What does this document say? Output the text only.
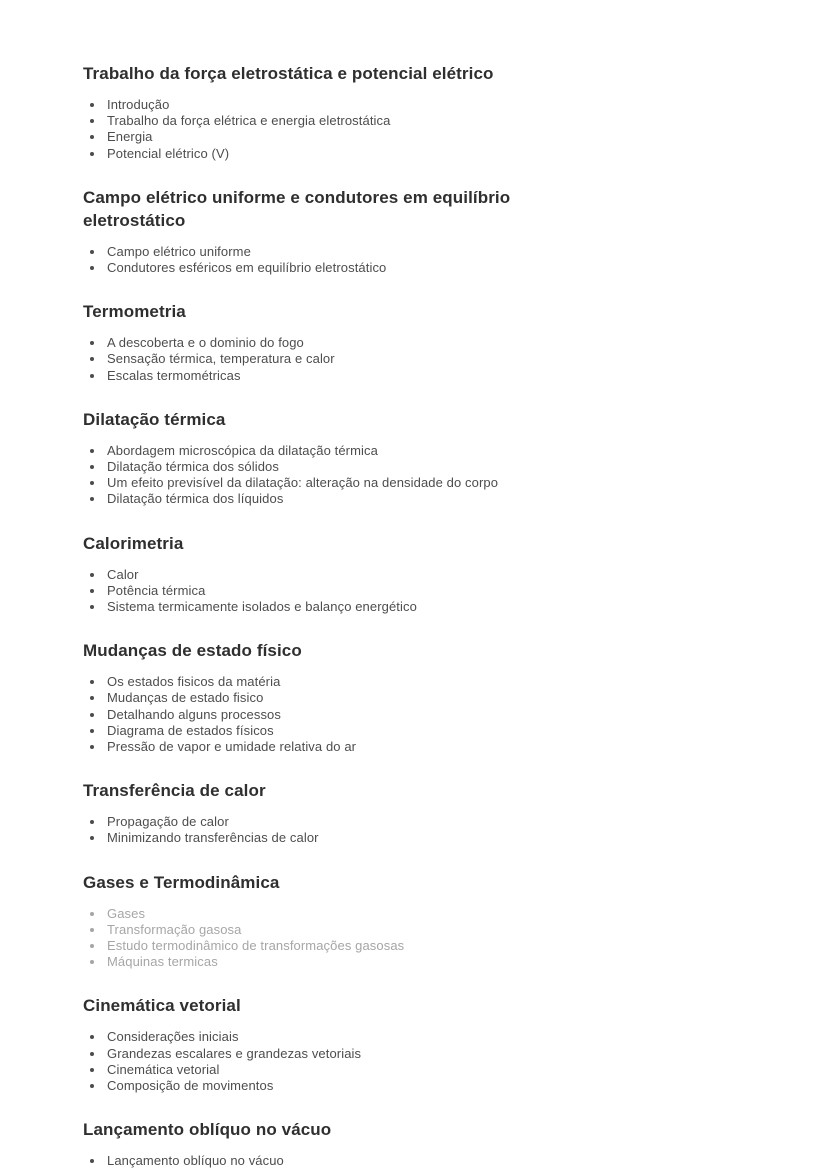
Trabalho da força eletrostática e potencial elétrico
• Introdução
• Trabalho da força elétrica e energia eletrostática
• Energia
• Potencial elétrico (V)
Campo elétrico uniforme e condutores em equilíbrio eletrostático
• Campo elétrico uniforme
• Condutores esféricos em equilíbrio eletrostático
Termometria
• A descoberta e o dominio do fogo
• Sensação térmica, temperatura e calor
• Escalas termométricas
Dilatação térmica
• Abordagem microscópica da dilatação térmica
• Dilatação térmica dos sólidos
• Um efeito previsível da dilatação: alteração na densidade do corpo
• Dilatação térmica dos líquidos
Calorimetria
• Calor
• Potência térmica
• Sistema termicamente isolados e balanço energético
Mudanças de estado físico
• Os estados fisicos da matéria
• Mudanças de estado fisico
• Detalhando alguns processos
• Diagrama de estados físicos
• Pressão de vapor e umidade relativa do ar
Transferência de calor
• Propagação de calor
• Minimizando transferências de calor
Gases e Termodinâmica
• Gases
• Transformação gasosa
• Estudo termodinâmico de transformações gasosas
• Máquinas termicas
Cinemática vetorial
• Considerações iniciais
• Grandezas escalares e grandezas vetoriais
• Cinemática vetorial
• Composição de movimentos
Lançamento oblíquo no vácuo
• Lançamento oblíquo no vácuo
